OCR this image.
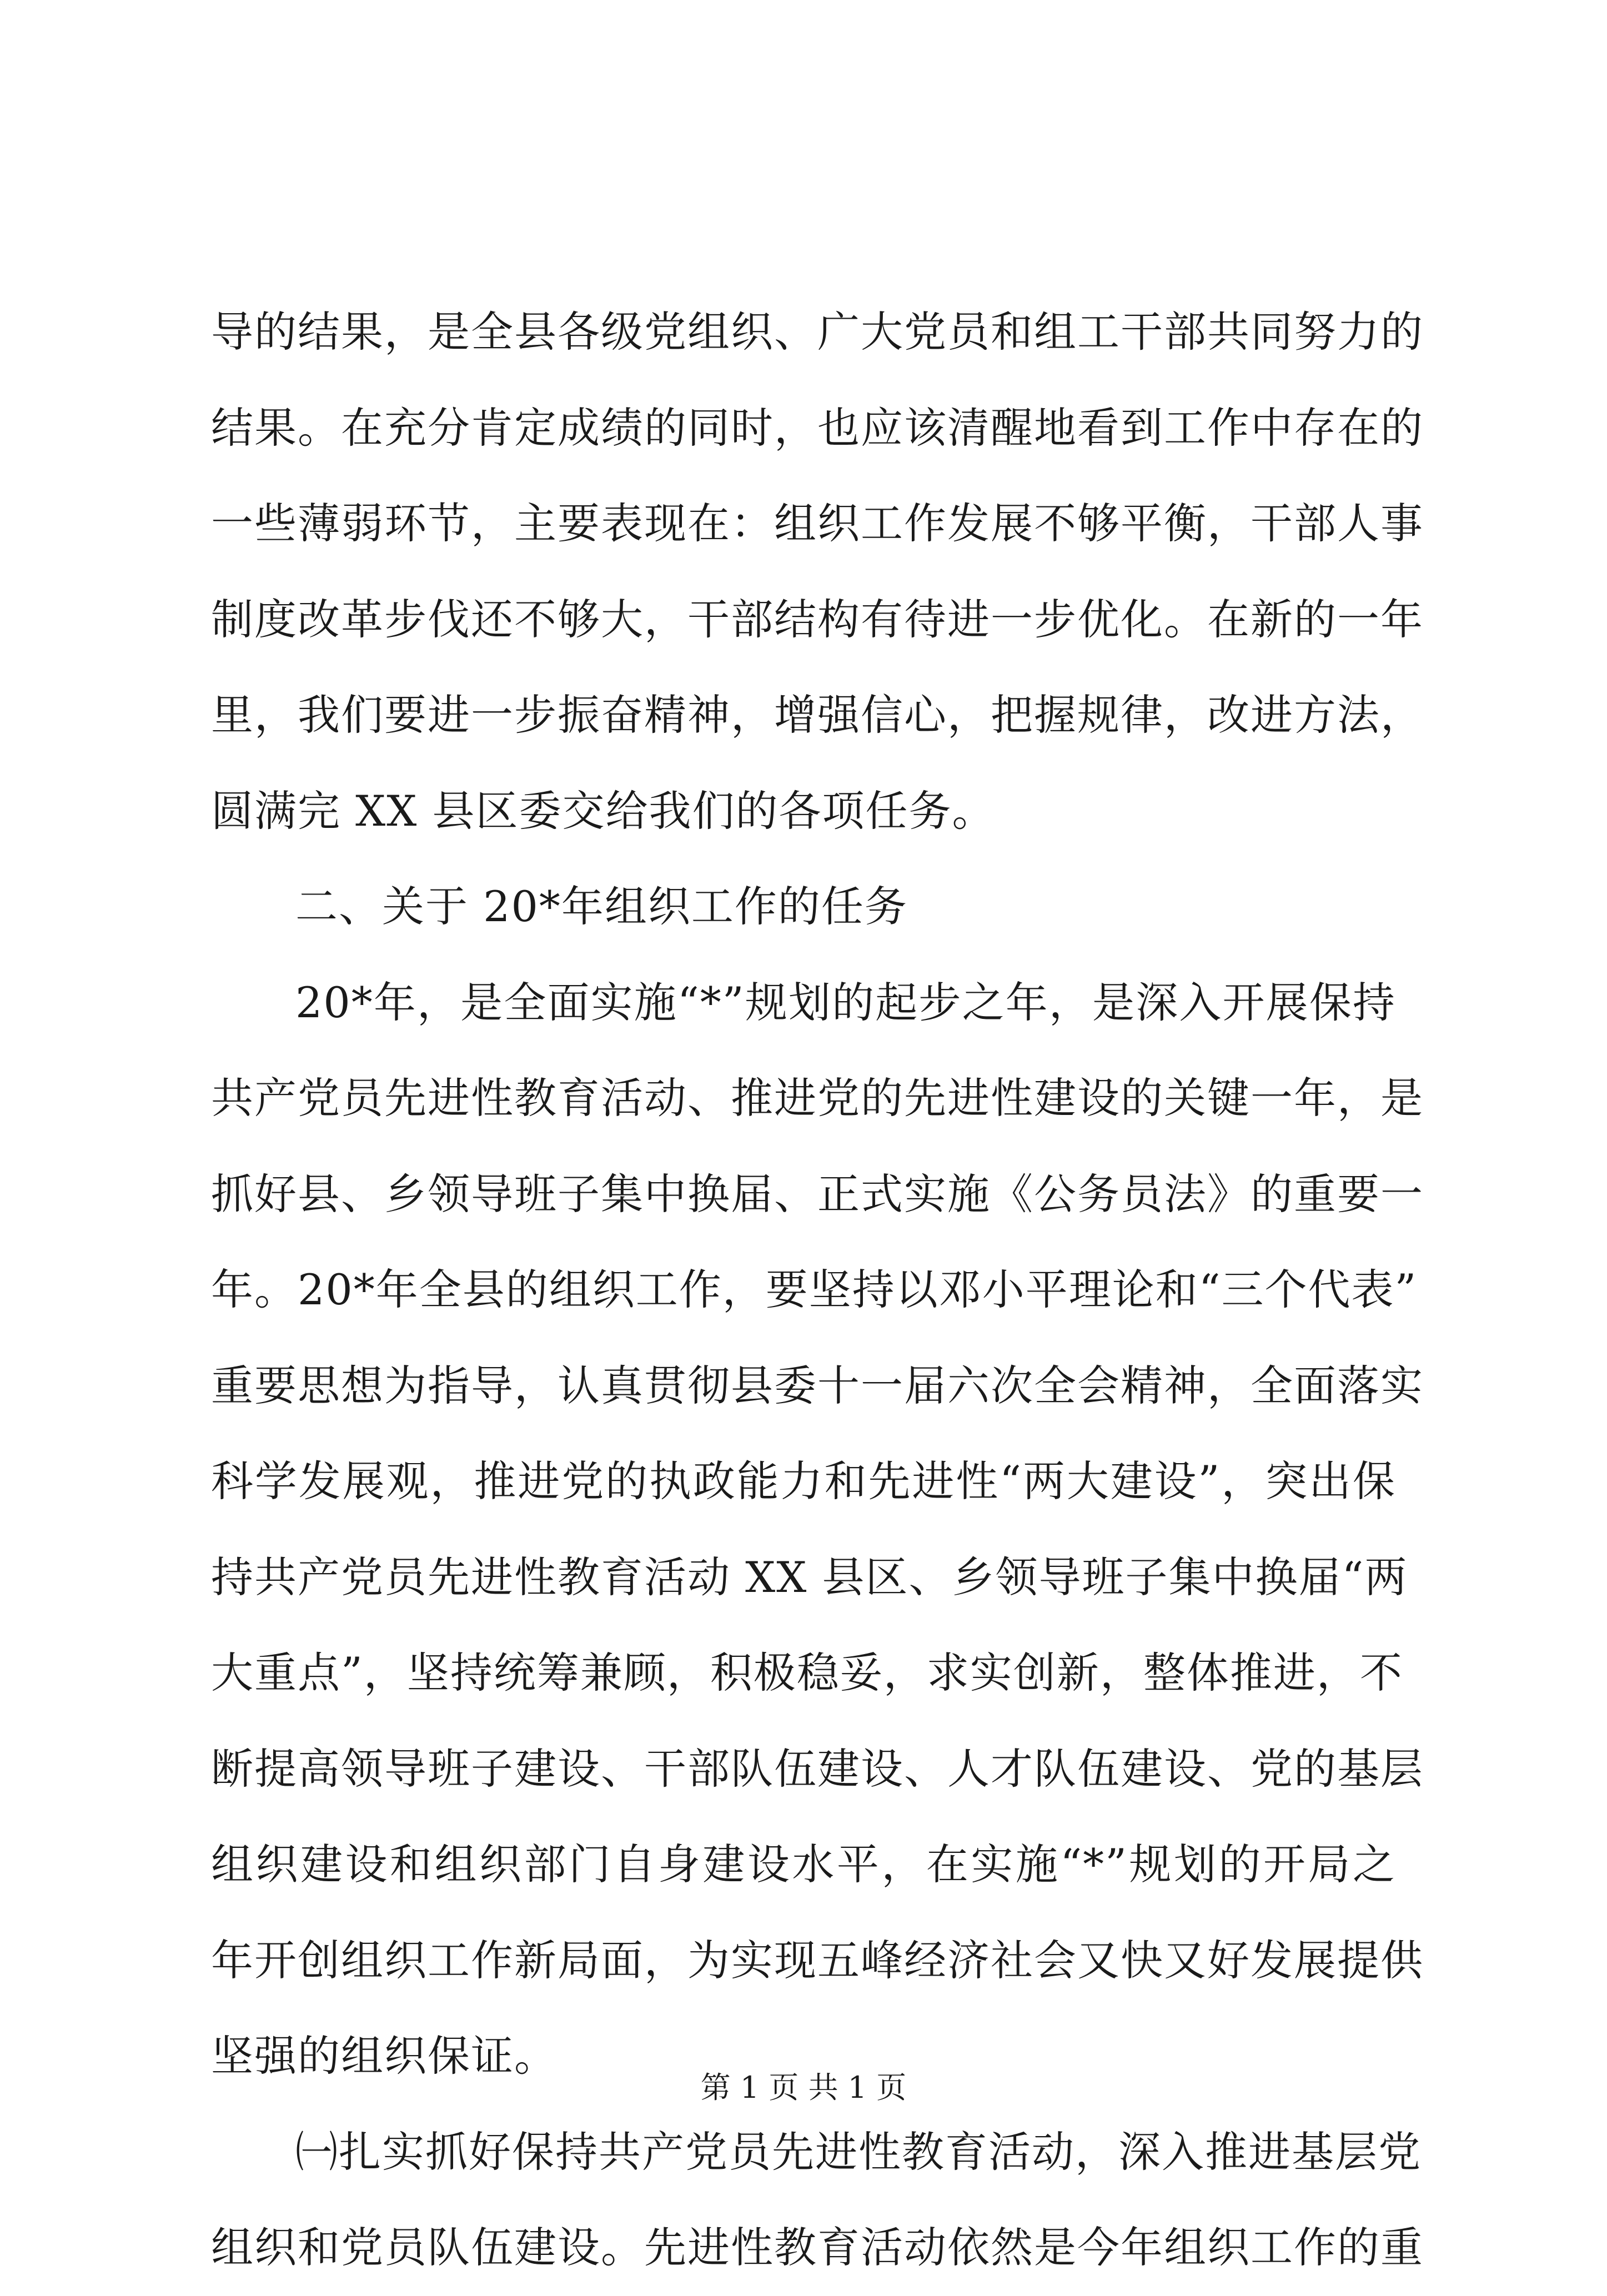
导的结果，是全县各级党组织、广大党员和组工干部共同努力的
结果。在充分肯定成绩的同时，也应该清醒地看到工作中存在的
一些薄弱环节，主要表现在：组织工作发展不够平衡，干部人事
制度改革步伐还不够大，干部结构有待进一步优化。在新的一年
里，我们要进一步振奋精神，增强信心，把握规律，改进方法，
圆满完 XX 县区委交给我们的各项任务。
二、关于 20*年组织工作的任务
20*年，是全面实施“*”规划的起步之年，是深入开展保持
共产党员先进性教育活动、推进党的先进性建设的关键一年，是
抓好县、乡领导班子集中换届、正式实施《公务员法》的重要一
年。20*年全县的组织工作，要坚持以邓小平理论和“三个代表”
重要思想为指导，认真贯彻县委十一届六次全会精神，全面落实
科学发展观，推进党的执政能力和先进性“两大建设”，突出保
持共产党员先进性教育活动 XX 县区、乡领导班子集中换届“两
大重点”，坚持统筹兼顾，积极稳妥，求实创新，整体推进，不
断提高领导班子建设、干部队伍建设、人才队伍建设、党的基层
组织建设和组织部门自身建设水平，在实施“*”规划的开局之
年开创组织工作新局面，为实现五峰经济社会又快又好发展提供
坚强的组织保证。
㈠扎实抓好保持共产党员先进性教育活动，深入推进基层党
组织和党员队伍建设。先进性教育活动依然是今年组织工作的重
第 1 页 共 1 页
